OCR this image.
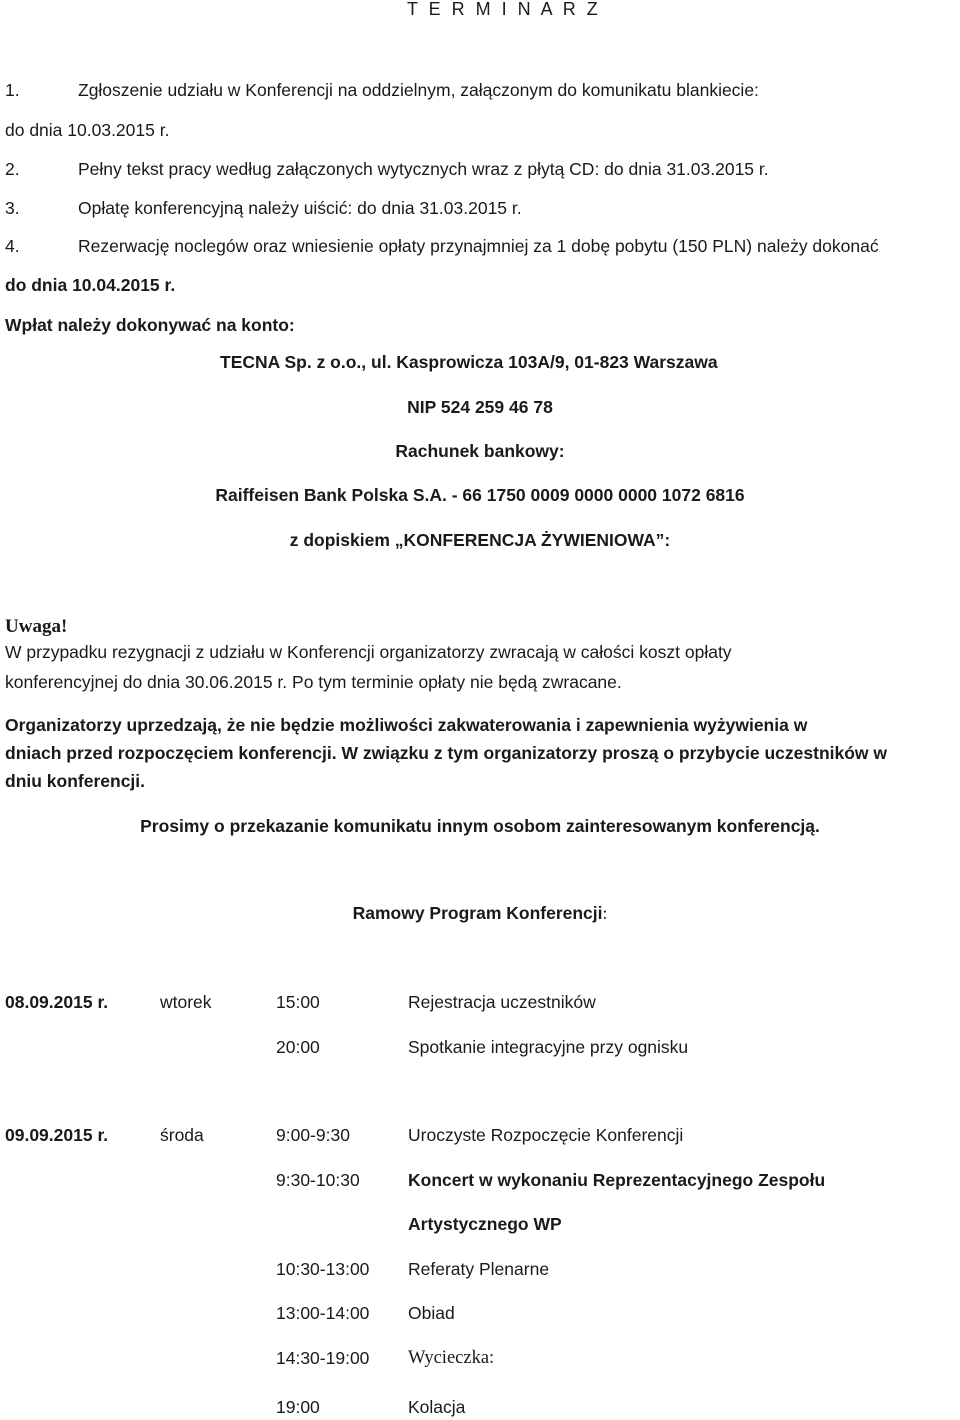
T E R M I N A R Z
1.	Zgłoszenie udziału w Konferencji na oddzielnym, załączonym do komunikatu blankiecie:
do dnia 10.03.2015 r.
2.	Pełny tekst pracy według załączonych wytycznych wraz z płytą CD: do dnia 31.03.2015 r.
3.	Opłatę konferencyjną należy uiścić: do dnia 31.03.2015 r.
4.	Rezerwację noclegów oraz wniesienie opłaty przynajmniej za 1 dobę pobytu (150 PLN) należy dokonać
do dnia 10.04.2015 r.
Wpłat należy dokonywać na konto:
TECNA Sp. z o.o., ul. Kasprowicza 103A/9, 01-823 Warszawa
NIP 524 259 46 78
Rachunek bankowy:
Raiffeisen Bank Polska S.A. - 66 1750 0009 0000 0000 1072 6816
z dopiskiem „KONFERENCJA ŻYWIENIOWA”:
Uwaga!
W przypadku rezygnacji z udziału w Konferencji organizatorzy zwracają w całości koszt opłaty
konferencyjnej do dnia 30.06.2015 r. Po tym terminie opłaty nie będą zwracane.
Organizatorzy uprzedzają, że nie będzie możliwości zakwaterowania i zapewnienia wyżywienia w
dniach przed rozpoczęciem konferencji. W związku z tym organizatorzy proszą o przybycie uczestników w
dniu konferencji.
Prosimy o przekazanie komunikatu innym osobom zainteresowanym konferencją.
Ramowy Program Konferencji:
08.09.2015 r.	wtorek	15:00	Rejestracja uczestników
20:00	Spotkanie integracyjne przy ognisku
09.09.2015 r.	środa	9:00-9:30	Uroczyste Rozpoczęcie Konferencji
9:30-10:30	Koncert w wykonaniu Reprezentacyjnego Zespołu
Artystycznego WP
10:30-13:00 Referaty Plenarne
13:00-14:00 Obiad
14:30-19:00 Wycieczka:
19:00	Kolacja
